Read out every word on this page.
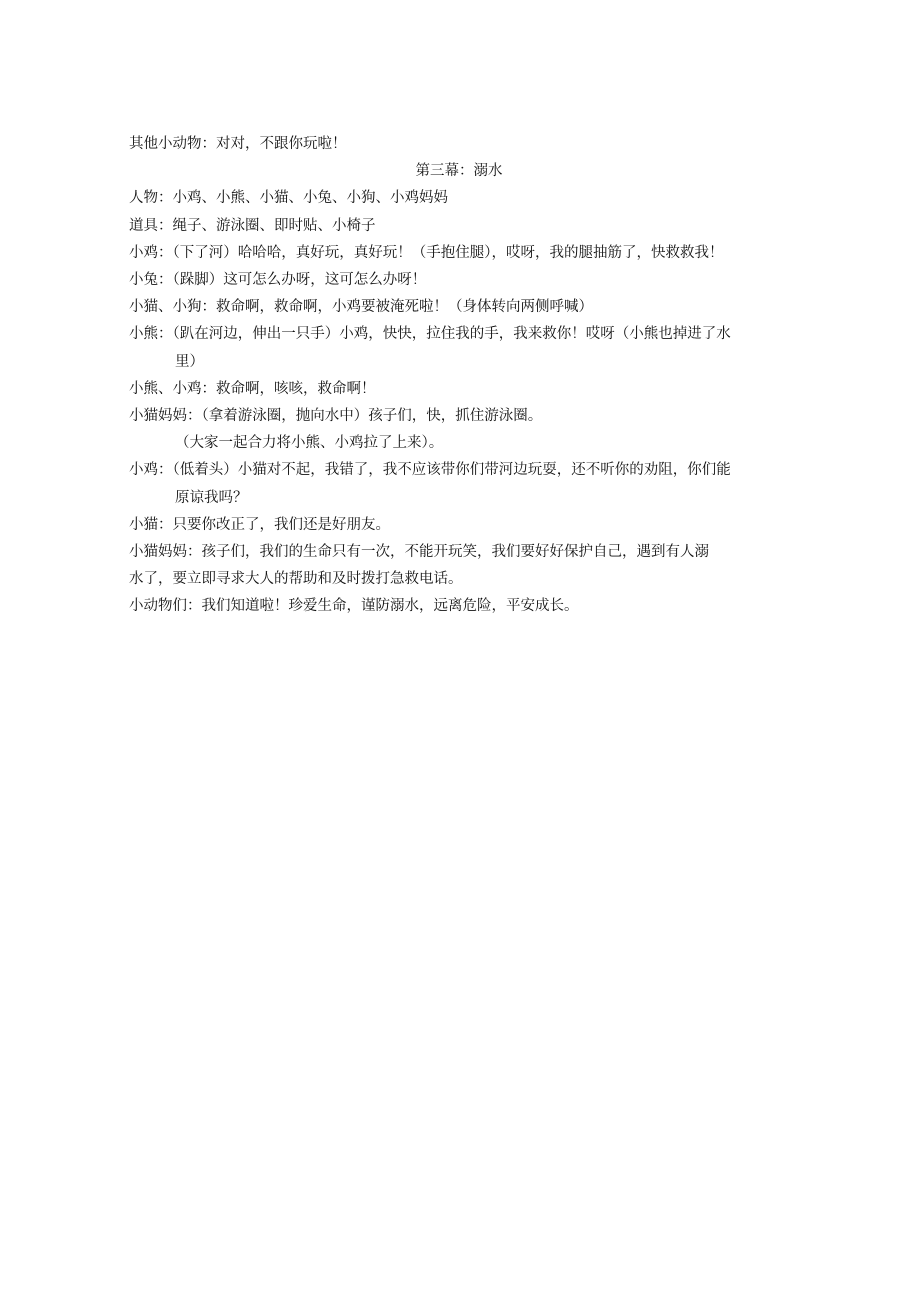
其他小动物：对对，不跟你玩啦！
第三幕：溺水
人物：小鸡、小熊、小猫、小兔、小狗、小鸡妈妈
道具：绳子、游泳圈、即时贴、小椅子
小鸡：（下了河）哈哈哈，真好玩，真好玩！（手抱住腿），哎呀，我的腿抽筋了，快救救我！
小兔：（跺脚）这可怎么办呀，这可怎么办呀！
小猫、小狗：救命啊，救命啊，小鸡要被淹死啦！（身体转向两侧呼喊）
小熊：（趴在河边，伸出一只手）小鸡，快快，拉住我的手，我来救你！哎呀（小熊也掉进了水
里）
小熊、小鸡：救命啊，咳咳，救命啊！
小猫妈妈：（拿着游泳圈，抛向水中）孩子们，快，抓住游泳圈。
（大家一起合力将小熊、小鸡拉了上来）。
小鸡：（低着头）小猫对不起，我错了，我不应该带你们带河边玩耍，还不听你的劝阻，你们能
原谅我吗？
小猫：只要你改正了，我们还是好朋友。
小猫妈妈：孩子们，我们的生命只有一次，不能开玩笑，我们要好好保护自己，遇到有人溺
水了，要立即寻求大人的帮助和及时拨打急救电话。
小动物们：我们知道啦！珍爱生命，谨防溺水，远离危险，平安成长。
